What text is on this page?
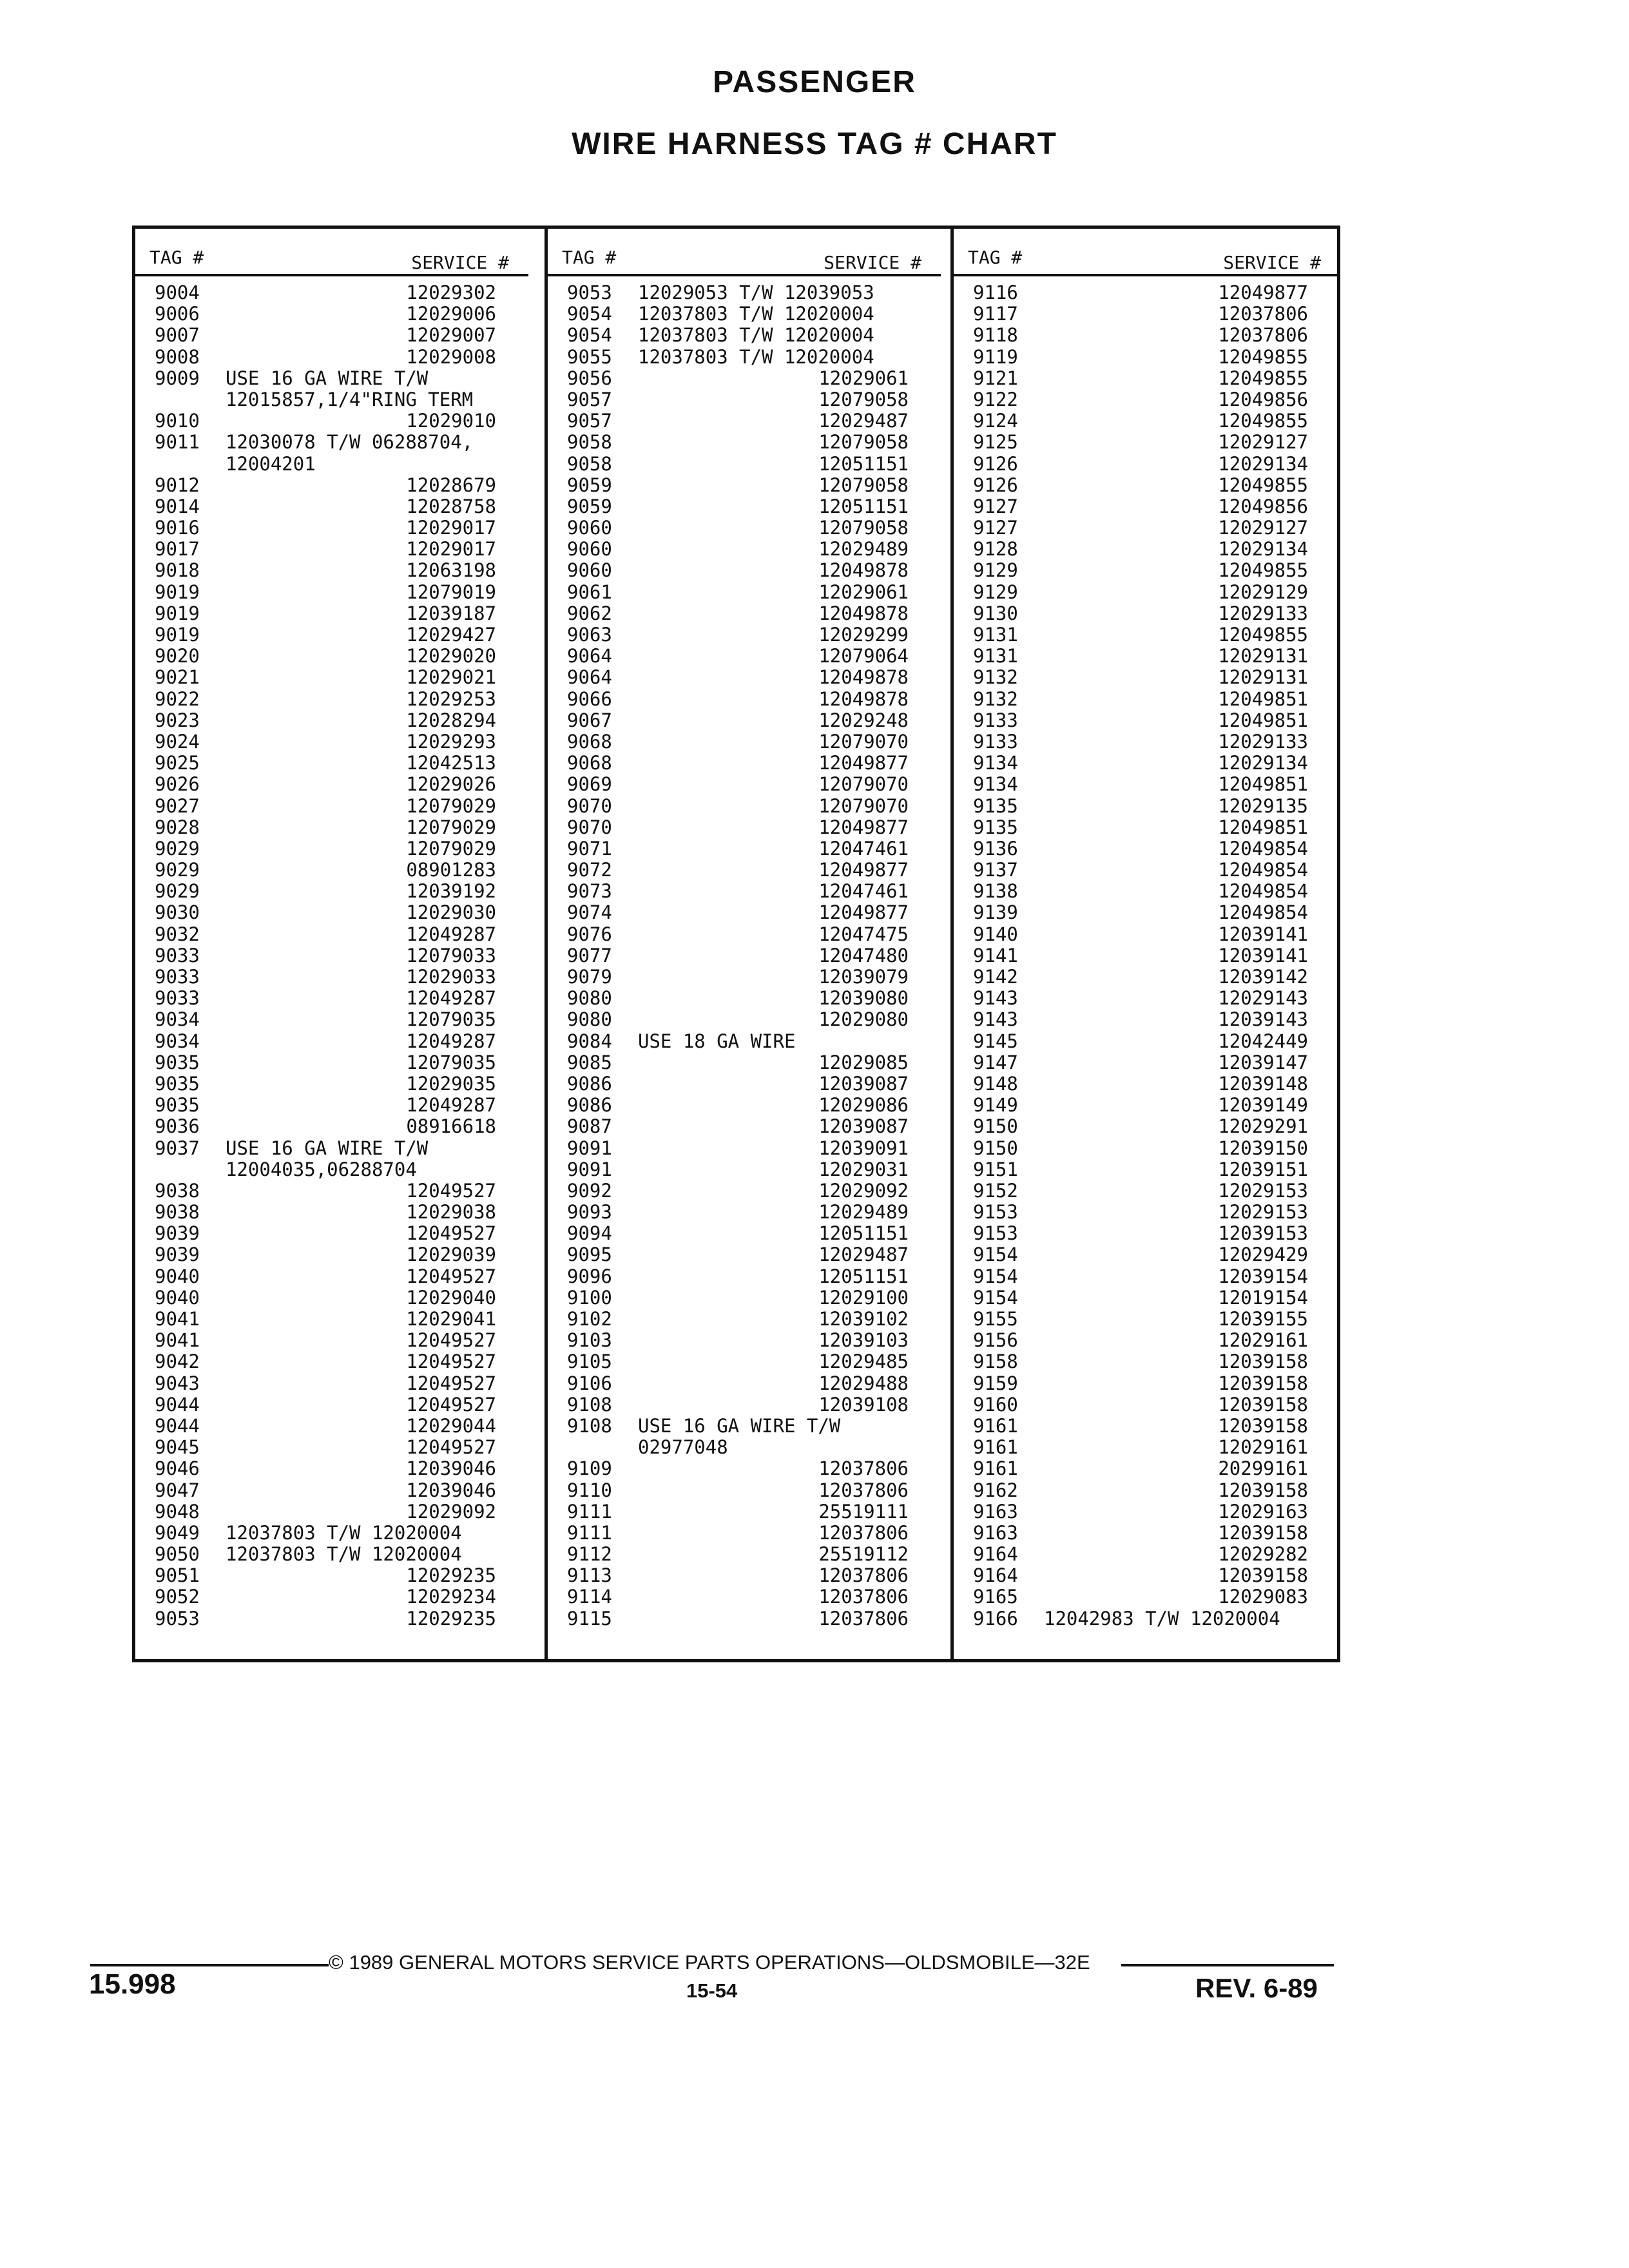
PASSENGER
WIRE HARNESS TAG # CHART
TAG #	SERVICE #
9004	12029302
9006	12029006
9007	12029007
9008	12029008
9009 USE 16 GA WIRE T/W
12015857,1/4"RING TERM
9010	12029010
9011 12030078 T/W 06288704,
12004201
9012	12028679
9014	12028758
9016	12029017
9017	12029017
9018	12063198
9019	12079019
9019	12039187
9019	12029427
9020	12029020
9021	12029021
9022	12029253
9023	12028294
9024	12029293
9025	12042513
9026	12029026
9027	12079029
9028	12079029
9029	12079029
9029	08901283
9029	12039192
9030	12029030
9032	12049287
9033	12079033
9033	12029033
9033	12049287
9034	12079035
9034	12049287
9035	12079035
9035	12029035
9035	12049287
9036	08916618
9037 USE 16 GA WIRE T/W
12004035,06288704
9038	12049527
9038	12029038
9039	12049527
9039	12029039
9040	12049527
9040	12029040
9041	12029041
9041	12049527
9042	12049527
9043	12049527
9044	12049527
9044	12029044
9045	12049527
9046	12039046
9047	12039046
9048	12029092
9049 12037803 T/W 12020004
9050 12037803 T/W 12020004
9051	12029235
9052	12029234
9053	12029235
TAG #	SERVICE #
9053 12029053 T/W 12039053
9054 12037803 T/W 12020004
9054 12037803 T/W 12020004
9055 12037803 T/W 12020004
9056	12029061
9057	12079058
9057	12029487
9058	12079058
9058	12051151
9059	12079058
9059	12051151
9060	12079058
9060	12029489
9060	12049878
9061	12029061
9062	12049878
9063	12029299
9064	12079064
9064	12049878
9066	12049878
9067	12029248
9068	12079070
9068	12049877
9069	12079070
9070	12079070
9070	12049877
9071	12047461
9072	12049877
9073	12047461
9074	12049877
9076	12047475
9077	12047480
9079	12039079
9080	12039080
9080	12029080
9084 USE 18 GA WIRE
9085	12029085
9086	12039087
9086	12029086
9087	12039087
9091	12039091
9091	12029031
9092	12029092
9093	12029489
9094	12051151
9095	12029487
9096	12051151
9100	12029100
9102	12039102
9103	12039103
9105	12029485
9106	12029488
9108	12039108
9108 USE 16 GA WIRE T/W
02977048
9109	12037806
9110	12037806
9111	25519111
9111	12037806
9112	25519112
9113	12037806
9114	12037806
9115	12037806
TAG #	SERVICE #
9116	12049877
9117	12037806
9118	12037806
9119	12049855
9121	12049855
9122	12049856
9124	12049855
9125	12029127
9126	12029134
9126	12049855
9127	12049856
9127	12029127
9128	12029134
9129	12049855
9129	12029129
9130	12029133
9131	12049855
9131	12029131
9132	12029131
9132	12049851
9133	12049851
9133	12029133
9134	12029134
9134	12049851
9135	12029135
9135	12049851
9136	12049854
9137	12049854
9138	12049854
9139	12049854
9140	12039141
9141	12039141
9142	12039142
9143	12029143
9143	12039143
9145	12042449
9147	12039147
9148	12039148
9149	12039149
9150	12029291
9150	12039150
9151	12039151
9152	12029153
9153	12029153
9153	12039153
9154	12029429
9154	12039154
9154	12019154
9155	12039155
9156	12029161
9158	12039158
9159	12039158
9160	12039158
9161	12039158
9161	12029161
9161	20299161
9162	12039158
9163	12029163
9163	12039158
9164	12029282
9164	12039158
9165	12029083
9166 12042983 T/W 12020004
15.998
© 1989 GENERAL MOTORS SERVICE PARTS OPERATIONS—OLDSMOBILE—32E
15-54	REV. 6-89
